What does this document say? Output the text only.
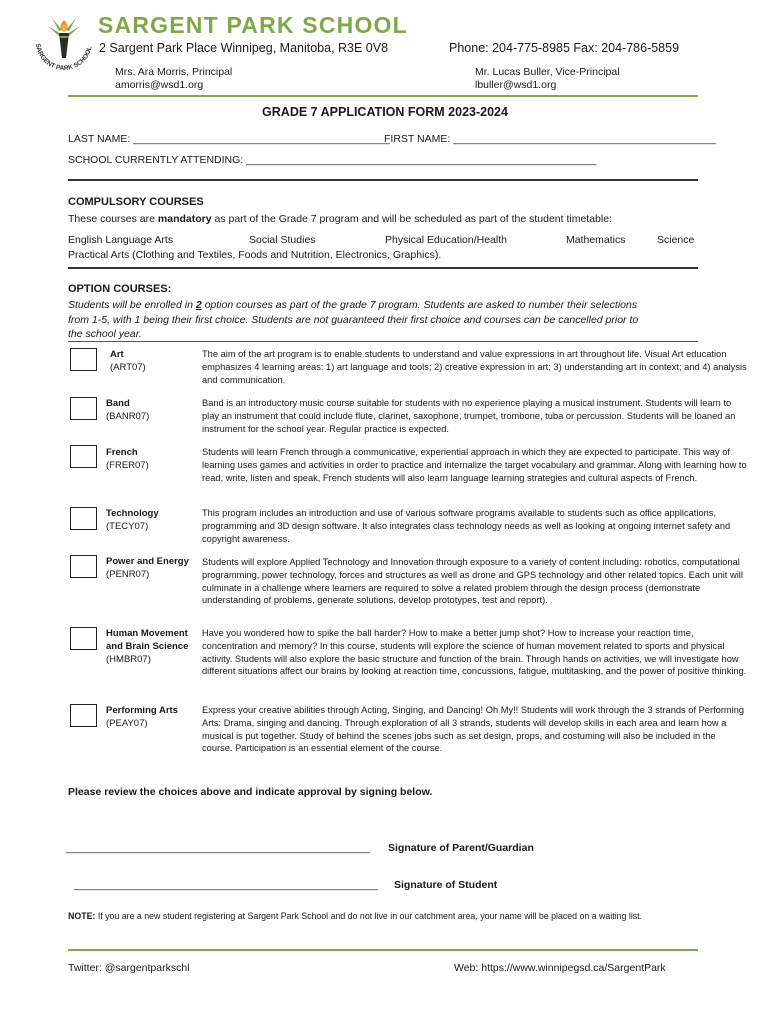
SARGENT PARK SCHOOL
SARGENT PARK SCHOOL
2 Sargent Park Place Winnipeg, Manitoba, R3E 0V8	Phone: 204-775-8985 Fax: 204-786-5859
Mrs. Ara Morris, Principal
amorris@wsd1.org
Mr. Lucas Buller, Vice-Principal
lbuller@wsd1.org
GRADE 7 APPLICATION FORM 2023-2024
LAST NAME: ____________________________________________
FIRST NAME: _____________________________________________
SCHOOL CURRENTLY ATTENDING: ____________________________________________________________
COMPULSORY COURSES
These courses are mandatory as part of the Grade 7 program and will be scheduled as part of the student timetable:
English Language Arts	Social Studies	Physical Education/Health	Mathematics	Science
Practical Arts (Clothing and Textiles, Foods and Nutrition, Electronics, Graphics).
OPTION COURSES:
Students will be enrolled in 2 option courses as part of the grade 7 program. Students are asked to number their selections
from 1-5, with 1 being their first choice. Students are not guaranteed their first choice and courses can be cancelled prior to
the school year.
Art
(ART07)
The aim of the art program is to enable students to understand and value expressions in art throughout life. Visual Art education emphasizes 4 learning areas: 1) art language and tools; 2) creative expression in art; 3) understanding art in context; and 4) analysis and communication.
Band
(BANR07)
Band is an introductory music course suitable for students with no experience playing a musical instrument. Students will learn to play an instrument that could include flute, clarinet, saxophone, trumpet, trombone, tuba or percussion. Students will be loaned an instrument for the school year. Regular practice is expected.
French
(FRER07)
Students will learn French through a communicative, experiential approach in which they are expected to participate. This way of learning uses games and activities in order to practice and internalize the target vocabulary and grammar. Along with learning how to read, write, listen and speak, French students will also learn language learning strategies and cultural aspects of French.
Technology
(TECY07)
This program includes an introduction and use of various software programs available to students such as office applications, programming and 3D design software. It also integrates class technology needs as well as looking at ongoing internet safety and copyright awareness.
Power and Energy
(PENR07)
Students will explore Applied Technology and Innovation through exposure to a variety of content including: robotics, computational programming, power technology, forces and structures as well as drone and GPS technology and other related topics. Each unit will culminate in a challenge where learners are required to solve a related problem through the design process (demonstrate understanding of problems, generate solutions, develop prototypes, test and report).
Human Movement and Brain Science
(HMBR07)
Have you wondered how to spike the ball harder? How to make a better jump shot? How to increase your reaction time, concentration and memory? In this course, students will explore the science of human movement related to sports and physical activity. Students will also explore the basic structure and function of the brain. Through hands on activities, we will investigate how different situations affect our brains by looking at reaction time, concussions, fatigue, multitasking, and the power of positive thinking.
Performing Arts
(PEAY07)
Express your creative abilities through Acting, Singing, and Dancing! Oh My!! Students will work through the 3 strands of Performing Arts: Drama, singing and dancing. Through exploration of all 3 strands, students will develop skills in each area and learn how a musical is put together. Study of behind the scenes jobs such as set design, props, and costuming will also be included in the course. Participation is an essential element of the course.
Please review the choices above and indicate approval by signing below.
____________________________________________________ Signature of Parent/Guardian
____________________________________________________ Signature of Student
NOTE: If you are a new student registering at Sargent Park School and do not live in our catchment area, your name will be placed on a waiting list.
Twitter: @sargentparkschl	Web: https://www.winnipegsd.ca/SargentPark
